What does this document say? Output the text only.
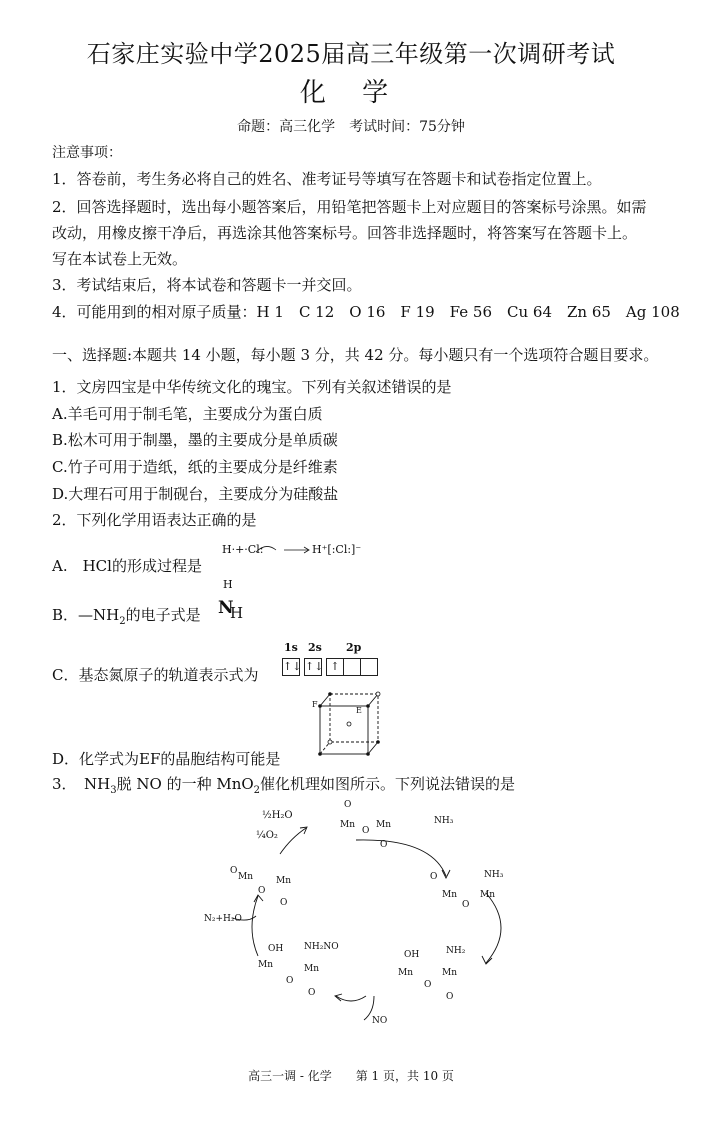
石家庄实验中学2025届高三年级第一次调研考试
化 学
命题：高三化学　考试时间：75分钟
注意事项：
1．答卷前，考生务必将自己的姓名、准考证号等填写在答题卡和试卷指定位置上。
2．回答选择题时，选出每小题答案后，用铅笔把答题卡上对应题目的答案标号涂黑。如需
改动，用橡皮擦干净后，再选涂其他答案标号。回答非选择题时，将答案写在答题卡上。
写在本试卷上无效。
3．考试结束后，将本试卷和答题卡一并交回。
4．可能用到的相对原子质量：H 1　C 12　O 16　F 19　Fe 56　Cu 64　Zn 65　Ag 108
一、选择题:本题共 14 小题，每小题 3 分，共 42 分。每小题只有一个选项符合题目要求。
1．文房四宝是中华传统文化的瑰宝。下列有关叙述错误的是
A.羊毛可用于制毛笔，主要成分为蛋白质
B.松木可用于制墨，墨的主要成分是单质碳
C.竹子可用于造纸，纸的主要成分是纤维素
D.大理石可用于制砚台，主要成分为硅酸盐
2．下列化学用语表达正确的是
A.　HCl的形成过程是
H·+·Cl:	H⁺[:Cl:]⁻
B．$—NH_2$的电子式是
H
N
H
C．基态氮原子的轨道表示式为
1s 2s 2p
↑↓ ↑↓ ↑
D．化学式为EF的晶胞结构可能是
F
E
3．　$NH_3$脱 NO 的一种 MnO$_2$催化机理如图所示。下列说法错误的是
O
Mn
O
Mn
O
½H₂O
¼O₂
NH₃
NH₃
O
Mn
O
Mn
O
Mn
O
Mn
O
N₂+H₂O
OH NH₂NO
Mn
O
Mn
O
OH	NH₂
Mn
O
Mn
O
NO
高三一调 - 化学　　第 1 页，共 10 页
